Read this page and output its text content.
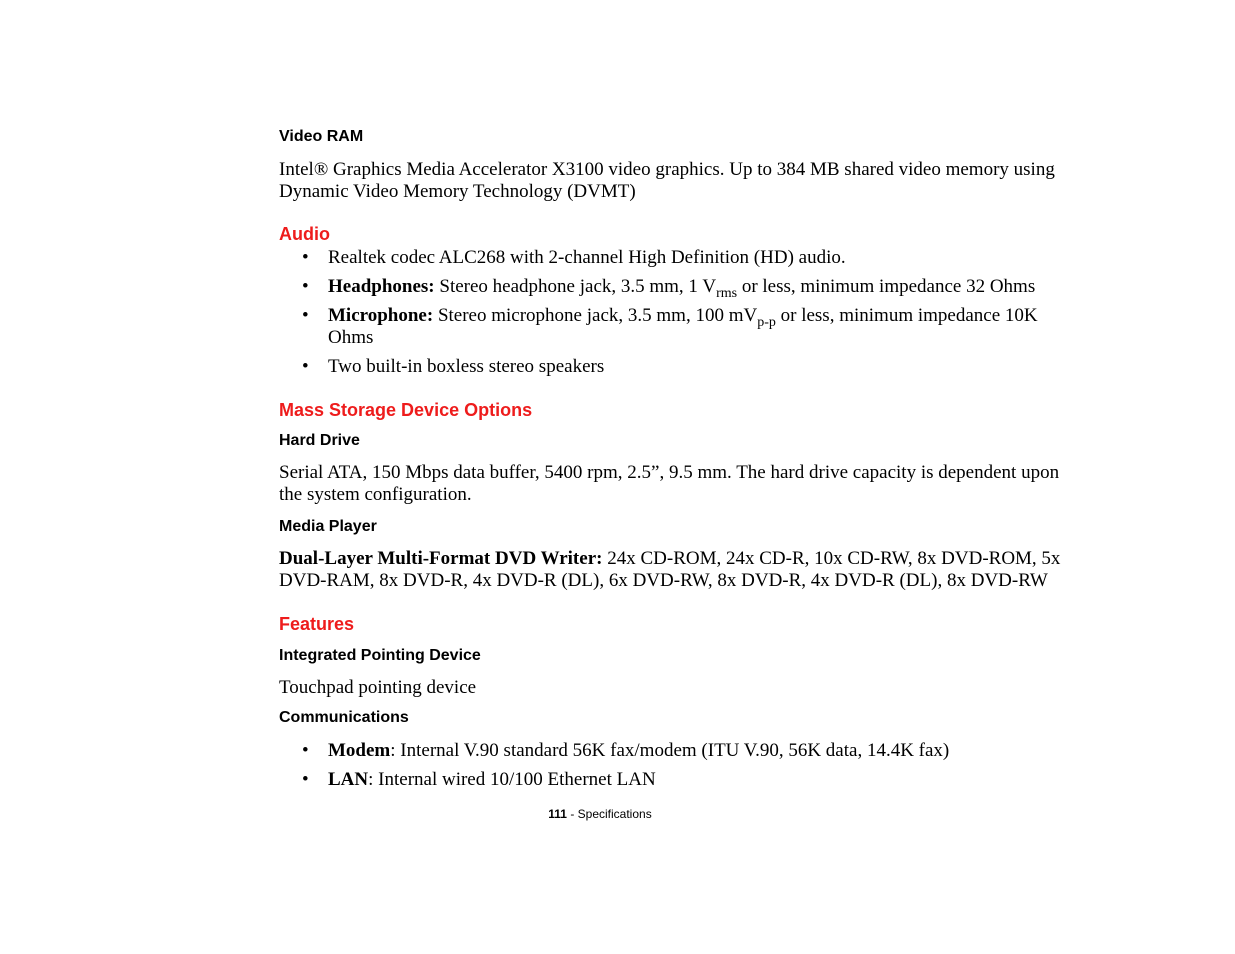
Video RAM

Intel® Graphics Media Accelerator X3100 video graphics. Up to 384 MB shared video memory using Dynamic Video Memory Technology (DVMT)

Audio
• Realtek codec ALC268 with 2-channel High Definition (HD) audio.
• Headphones: Stereo headphone jack, 3.5 mm, 1 $V_{rms}$ or less, minimum impedance 32 Ohms
• Microphone: Stereo microphone jack, 3.5 mm, 100 $mV_{p-p}$ or less, minimum impedance 10K Ohms
• Two built-in boxless stereo speakers
Mass Storage Device Options
Hard Drive

Serial ATA, 150 Mbps data buffer, 5400 rpm, 2.5”, 9.5 mm. The hard drive capacity is dependent upon the system configuration.

Media Player

Dual-Layer Multi-Format DVD Writer: 24x CD-ROM, 24x CD-R, 10x CD-RW, 8x DVD-ROM, 5x DVD-RAM, 8x DVD-R, 4x DVD-R (DL), 6x DVD-RW, 8x DVD-R, 4x DVD-R (DL), 8x DVD-RW

Features
Integrated Pointing Device

Touchpad pointing device

Communications
• Modem: Internal V.90 standard 56K fax/modem (ITU V.90, 56K data, 14.4K fax)
• LAN: Internal wired 10/100 Ethernet LAN
111 - Specifications
